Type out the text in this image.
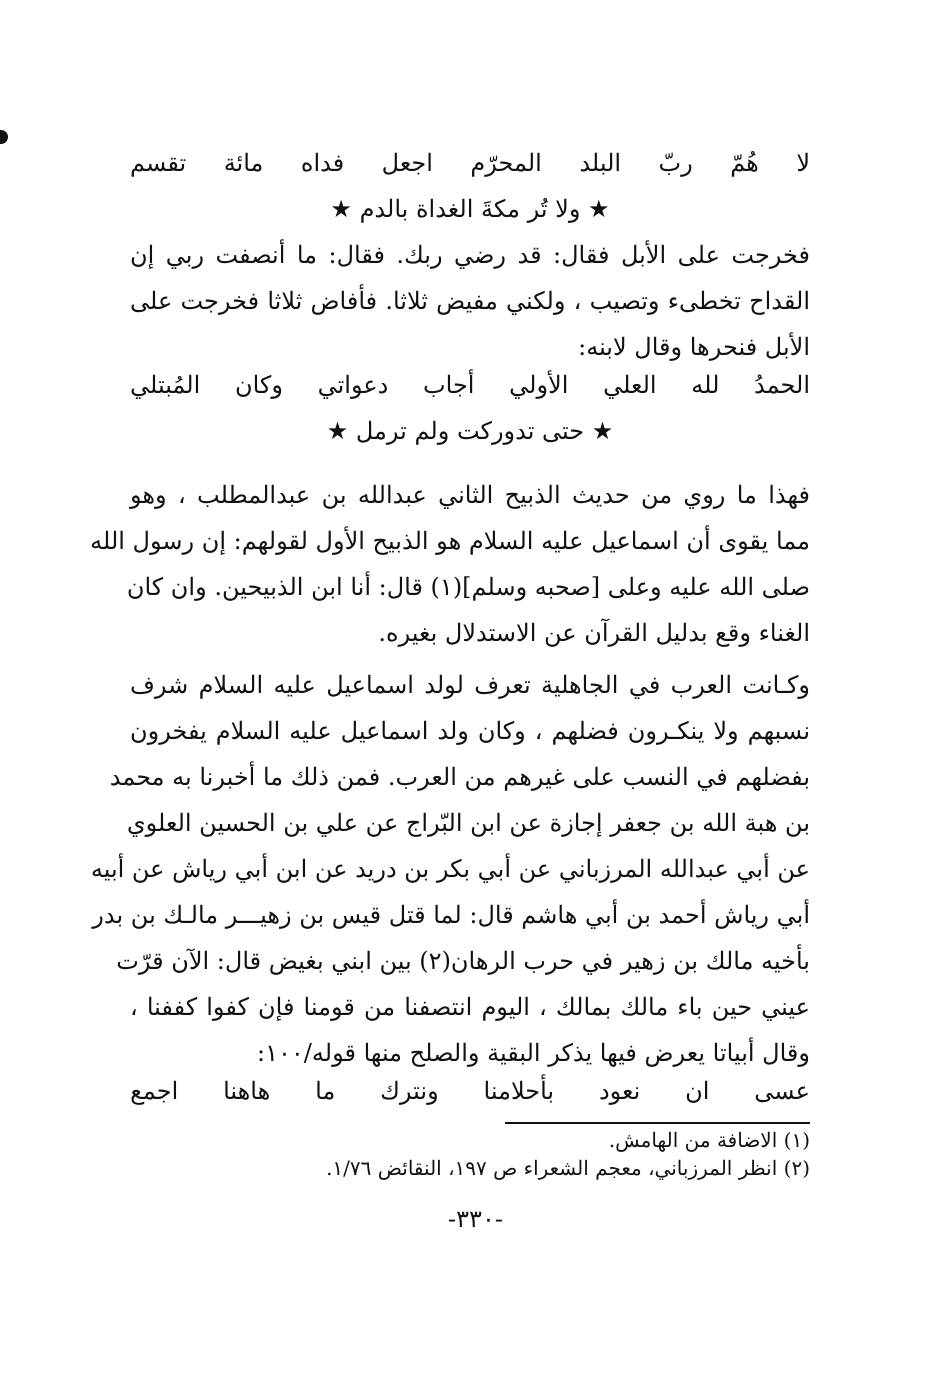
لا
هُمّ
ربّ
البلد
المحرّم
اجعل
فداه
مائة
تقسم
★ ولا تُر مكةَ الغداة بالدم ★
فخرجت على الأبل فقال: قد رضي ربك. فقال: ما أنصفت ربي إن
القداح تخطىء وتصيب ، ولكني مفيض ثلاثا. فأفاض ثلاثا فخرجت على
الأبل فنحرها وقال لابنه:
الحمدُ
لله
العلي
الأولي
أجاب
دعواتي
وكان
المُبتلي
★ حتى تدوركت ولم ترمل ★
فهذا ما روي من حديث الذبيح الثاني عبدالله بن عبدالمطلب ، وهو
مما يقوى أن اسماعيل عليه السلام هو الذبيح الأول لقولهم: إن رسول الله
صلى الله عليه وعلى [صحبه وسلم](١) قال: أنا ابن الذبيحين. وان كان
الغناء وقع بدليل القرآن عن الاستدلال بغيره.
وكـانت العرب في الجاهلية تعرف لولد اسماعيل عليه السلام شرف
نسبهم ولا ينكـرون فضلهم ، وكان ولد اسماعيل عليه السلام يفخرون
بفضلهم في النسب على غيرهم من العرب. فمن ذلك ما أخبرنا به محمد
بن هبة الله بن جعفر إجازة عن ابن البّراج عن علي بن الحسين العلوي
عن أبي عبدالله المرزباني عن أبي بكر بن دريد عن ابن أبي رياش عن أبيه
أبي رياش أحمد بن أبي هاشم قال: لما قتل قيس بن زهيـــر مالـك بن بدر
بأخيه مالك بن زهير في حرب الرهان(٢) بين ابني بغيض قال: الآن قرّت
عيني حين باء مالك بمالك ، اليوم انتصفنا من قومنا فإن كفوا كففنا ،
وقال أبياتا يعرض فيها يذكر البقية والصلح منها قوله/١٠٠:
عسى
ان
نعود
بأحلامنا
ونترك
ما
هاهنا
اجمع
(١) الاضافة من الهامش.
(٢) انظر المرزباني، معجم الشعراء ص ١٩٧، النقائض ١/٧٦.
-٣٣٠-
